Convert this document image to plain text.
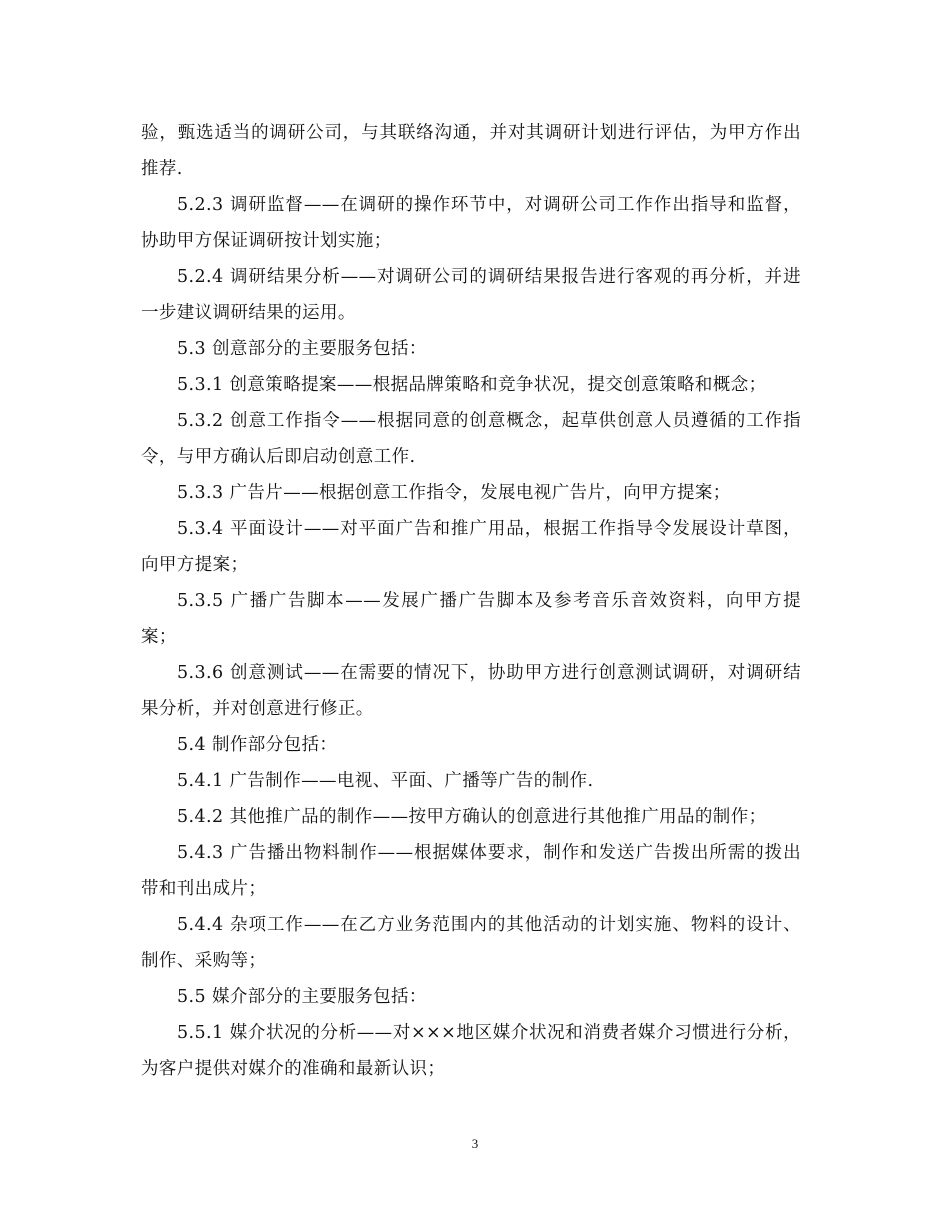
验，甄选适当的调研公司，与其联络沟通，并对其调研计划进行评估，为甲方作出推荐.

5.2.3 调研监督——在调研的操作环节中，对调研公司工作作出指导和监督，协助甲方保证调研按计划实施；

5.2.4 调研结果分析——对调研公司的调研结果报告进行客观的再分析，并进一步建议调研结果的运用。

5.3 创意部分的主要服务包括：

5.3.1 创意策略提案——根据品牌策略和竞争状况，提交创意策略和概念；

5.3.2 创意工作指令——根据同意的创意概念，起草供创意人员遵循的工作指令，与甲方确认后即启动创意工作.

5.3.3 广告片——根据创意工作指令，发展电视广告片，向甲方提案；

5.3.4 平面设计——对平面广告和推广用品，根据工作指导令发展设计草图，向甲方提案；

5.3.5 广播广告脚本——发展广播广告脚本及参考音乐音效资料，向甲方提案；

5.3.6 创意测试——在需要的情况下，协助甲方进行创意测试调研，对调研结果分析，并对创意进行修正。

5.4 制作部分包括：

5.4.1 广告制作——电视、平面、广播等广告的制作.

5.4.2 其他推广品的制作——按甲方确认的创意进行其他推广用品的制作；

5.4.3 广告播出物料制作——根据媒体要求，制作和发送广告拨出所需的拨出带和刊出成片；

5.4.4 杂项工作——在乙方业务范围内的其他活动的计划实施、物料的设计、制作、采购等；

5.5 媒介部分的主要服务包括：

5.5.1 媒介状况的分析——对×××地区媒介状况和消费者媒介习惯进行分析，为客户提供对媒介的准确和最新认识；

3
